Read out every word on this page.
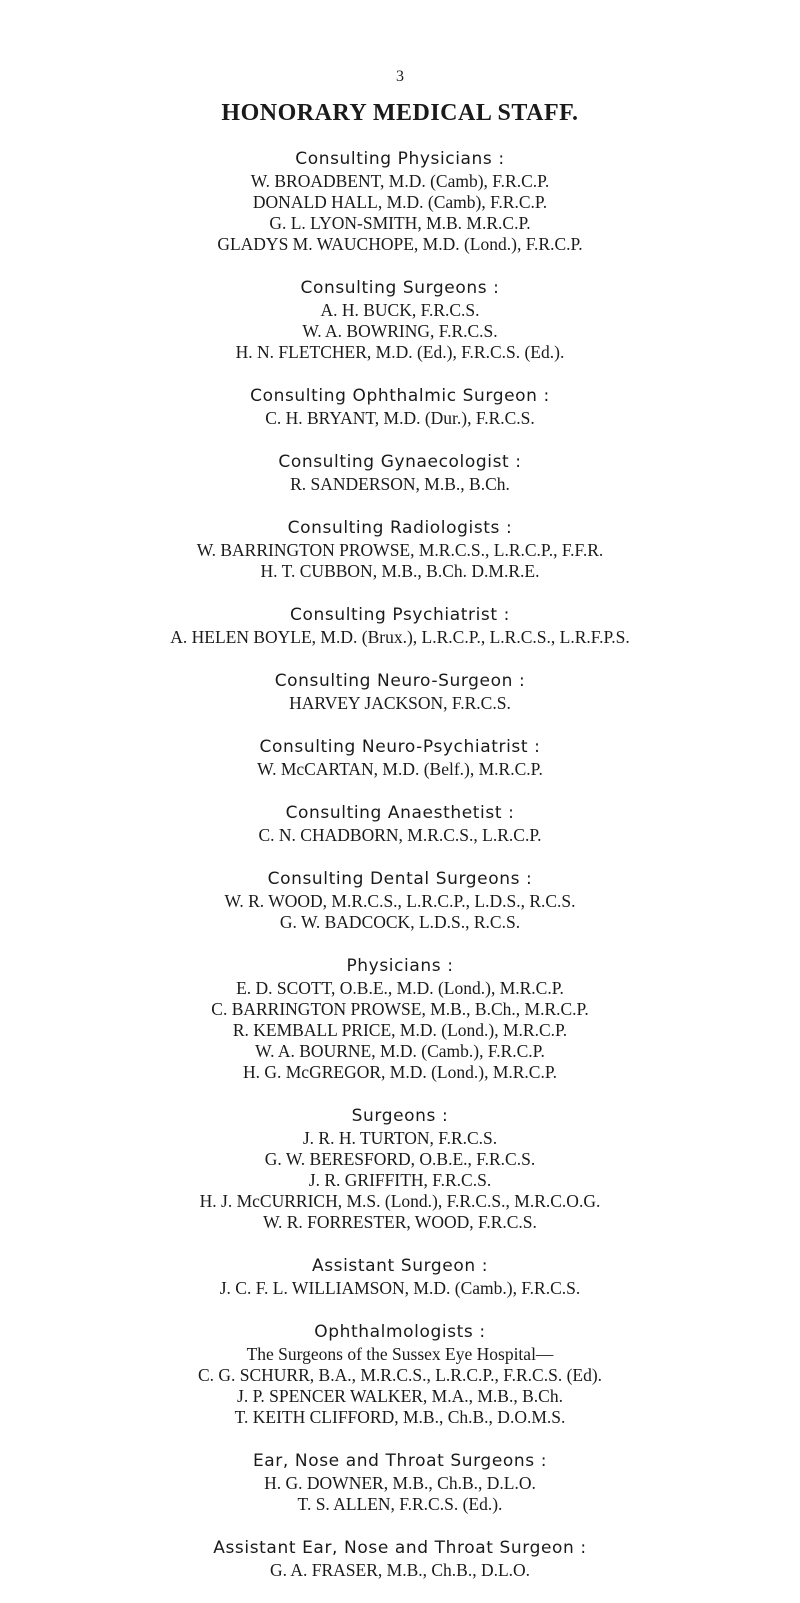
3
HONORARY MEDICAL STAFF.
Consulting Physicians :
W. BROADBENT, M.D. (Camb), F.R.C.P.
DONALD HALL, M.D. (Camb), F.R.C.P.
G. L. LYON-SMITH, M.B. M.R.C.P.
GLADYS M. WAUCHOPE, M.D. (Lond.), F.R.C.P.
Consulting Surgeons :
A. H. BUCK, F.R.C.S.
W. A. BOWRING, F.R.C.S.
H. N. FLETCHER, M.D. (Ed.), F.R.C.S. (Ed.).
Consulting Ophthalmic Surgeon :
C. H. BRYANT, M.D. (Dur.), F.R.C.S.
Consulting Gynaecologist :
R. SANDERSON, M.B., B.Ch.
Consulting Radiologists :
W. BARRINGTON PROWSE, M.R.C.S., L.R.C.P., F.F.R.
H. T. CUBBON, M.B., B.Ch. D.M.R.E.
Consulting Psychiatrist :
A. HELEN BOYLE, M.D. (Brux.), L.R.C.P., L.R.C.S., L.R.F.P.S.
Consulting Neuro-Surgeon :
HARVEY JACKSON, F.R.C.S.
Consulting Neuro-Psychiatrist :
W. McCARTAN, M.D. (Belf.), M.R.C.P.
Consulting Anaesthetist :
C. N. CHADBORN, M.R.C.S., L.R.C.P.
Consulting Dental Surgeons :
W. R. WOOD, M.R.C.S., L.R.C.P., L.D.S., R.C.S.
G. W. BADCOCK, L.D.S., R.C.S.
Physicians :
E. D. SCOTT, O.B.E., M.D. (Lond.), M.R.C.P.
C. BARRINGTON PROWSE, M.B., B.Ch., M.R.C.P.
R. KEMBALL PRICE, M.D. (Lond.), M.R.C.P.
W. A. BOURNE, M.D. (Camb.), F.R.C.P.
H. G. McGREGOR, M.D. (Lond.), M.R.C.P.
Surgeons :
J. R. H. TURTON, F.R.C.S.
G. W. BERESFORD, O.B.E., F.R.C.S.
J. R. GRIFFITH, F.R.C.S.
H. J. McCURRICH, M.S. (Lond.), F.R.C.S., M.R.C.O.G.
W. R. FORRESTER, WOOD, F.R.C.S.
Assistant Surgeon :
J. C. F. L. WILLIAMSON, M.D. (Camb.), F.R.C.S.
Ophthalmologists :
The Surgeons of the Sussex Eye Hospital—
C. G. SCHURR, B.A., M.R.C.S., L.R.C.P., F.R.C.S. (Ed).
J. P. SPENCER WALKER, M.A., M.B., B.Ch.
T. KEITH CLIFFORD, M.B., Ch.B., D.O.M.S.
Ear, Nose and Throat Surgeons :
H. G. DOWNER, M.B., Ch.B., D.L.O.
T. S. ALLEN, F.R.C.S. (Ed.).
Assistant Ear, Nose and Throat Surgeon :
G. A. FRASER, M.B., Ch.B., D.L.O.
